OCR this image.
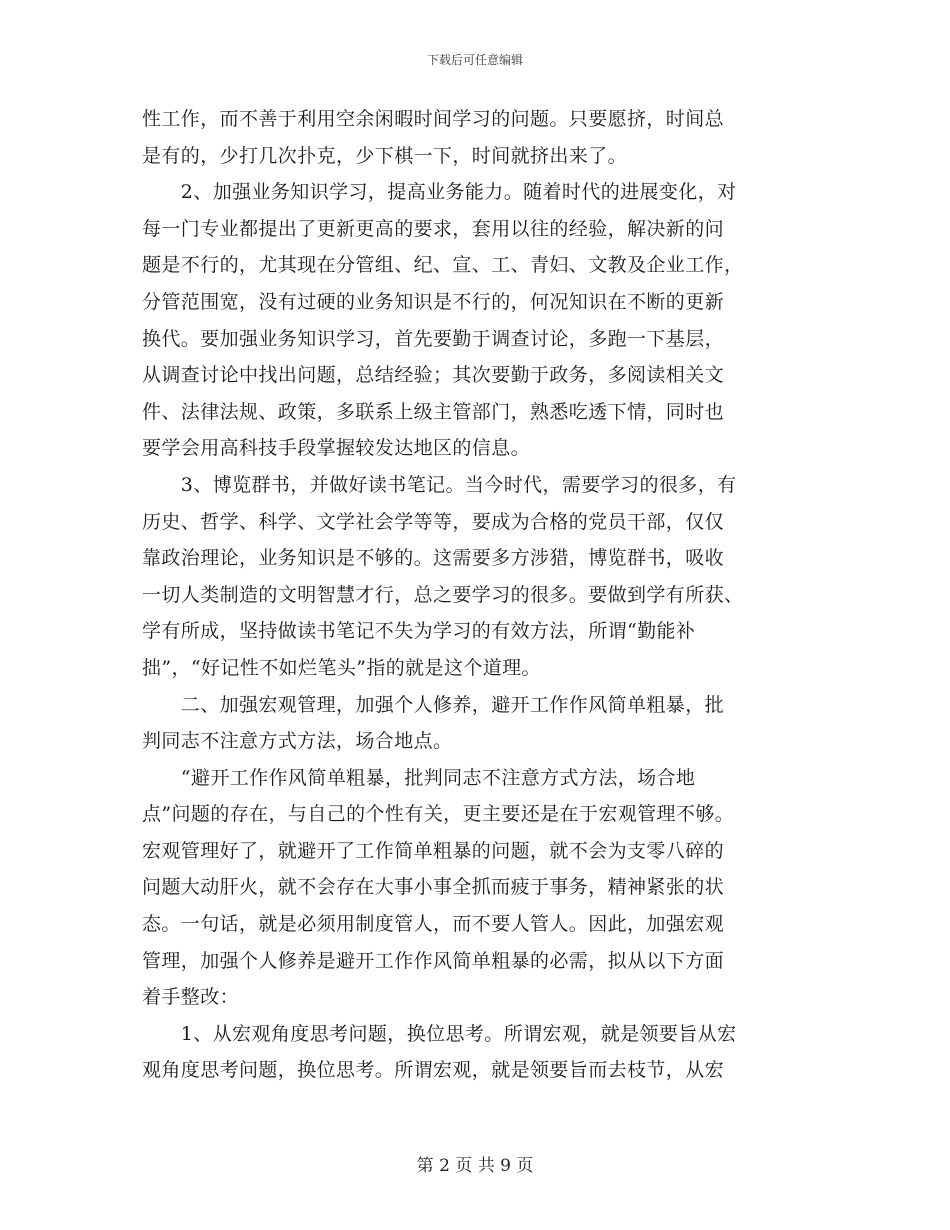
下载后可任意编辑
性工作，而不善于利用空余闲暇时间学习的问题。只要愿挤，时间总
是有的，少打几次扑克，少下棋一下，时间就挤出来了。
　　2、加强业务知识学习，提高业务能力。随着时代的进展变化，对
每一门专业都提出了更新更高的要求，套用以往的经验，解决新的问
题是不行的，尤其现在分管组、纪、宣、工、青妇、文教及企业工作，
分管范围宽，没有过硬的业务知识是不行的，何况知识在不断的更新
换代。要加强业务知识学习，首先要勤于调查讨论，多跑一下基层，
从调查讨论中找出问题，总结经验；其次要勤于政务，多阅读相关文
件、法律法规、政策，多联系上级主管部门，熟悉吃透下情，同时也
要学会用高科技手段掌握较发达地区的信息。
　　3、博览群书，并做好读书笔记。当今时代，需要学习的很多，有
历史、哲学、科学、文学社会学等等，要成为合格的党员干部，仅仅
靠政治理论，业务知识是不够的。这需要多方涉猎，博览群书，吸收
一切人类制造的文明智慧才行，总之要学习的很多。要做到学有所获、
学有所成，坚持做读书笔记不失为学习的有效方法，所谓“勤能补
拙”，“好记性不如烂笔头”指的就是这个道理。
　　二、加强宏观管理，加强个人修养，避开工作作风简单粗暴，批
判同志不注意方式方法，场合地点。
　　“避开工作作风简单粗暴，批判同志不注意方式方法，场合地
点”问题的存在，与自己的个性有关，更主要还是在于宏观管理不够。
宏观管理好了，就避开了工作简单粗暴的问题，就不会为支零八碎的
问题大动肝火，就不会存在大事小事全抓而疲于事务，精神紧张的状
态。一句话，就是必须用制度管人，而不要人管人。因此，加强宏观
管理，加强个人修养是避开工作作风简单粗暴的必需，拟从以下方面
着手整改：
　　1、从宏观角度思考问题，换位思考。所谓宏观，就是领要旨从宏
观角度思考问题，换位思考。所谓宏观，就是领要旨而去枝节，从宏
第 2 页 共 9 页
